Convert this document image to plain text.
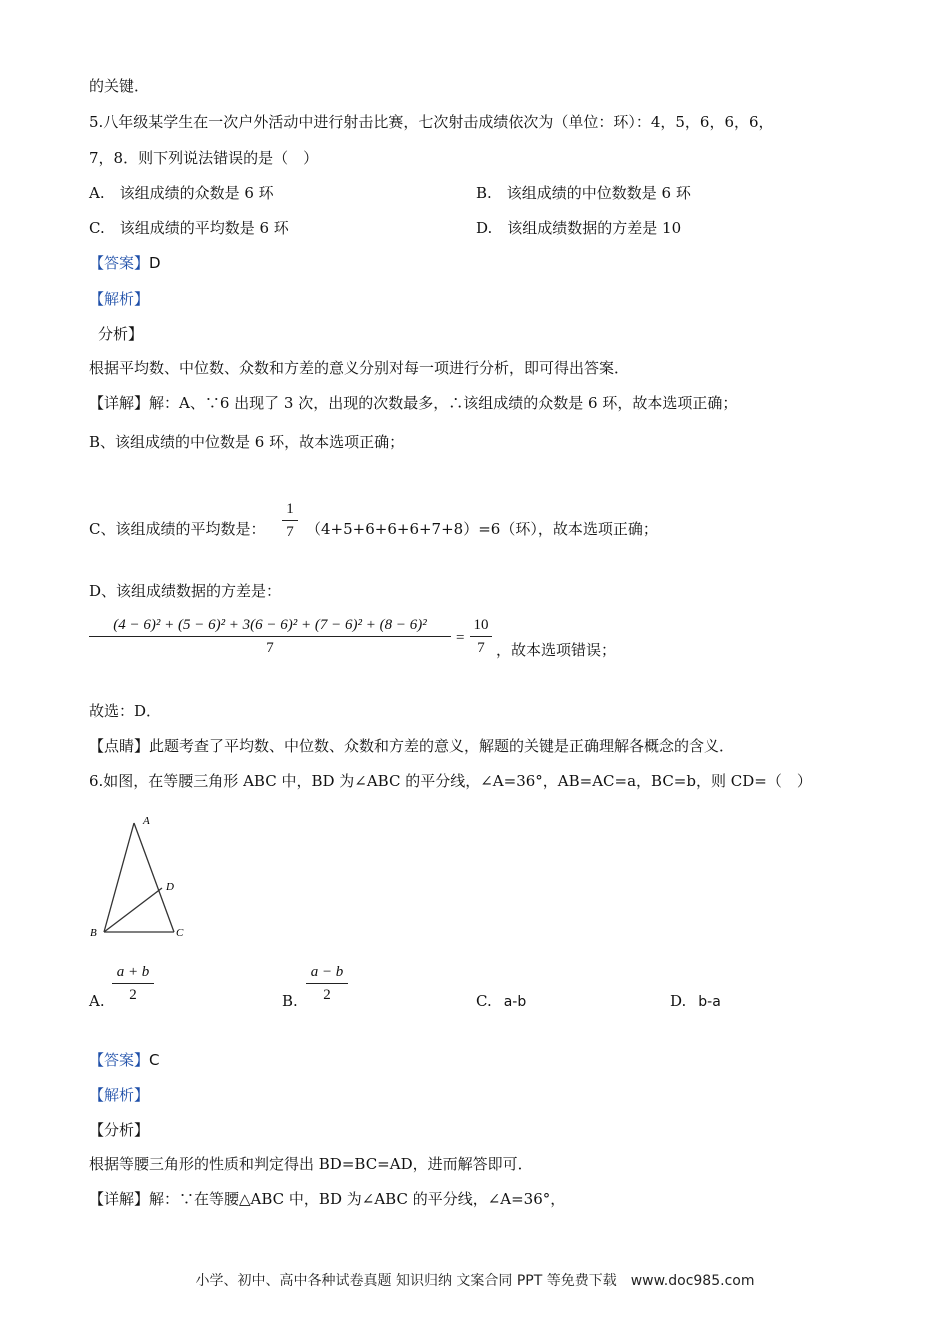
的关键．
5.八年级某学生在一次户外活动中进行射击比赛，七次射击成绩依次为（单位：环）：4，5，6，6，6，
7，8．则下列说法错误的是（　）
A.　该组成绩的众数是 6 环	B.　该组成绩的中位数数是 6 环
C.　该组成绩的平均数是 6 环	D.　该组成绩数据的方差是 10
【答案】D
【解析】
分析】
根据平均数、中位数、众数和方差的意义分别对每一项进行分析，即可得出答案．
【详解】解：A、∵6 出现了 3 次，出现的次数最多，∴该组成绩的众数是 6 环，故本选项正确；
B、该组成绩的中位数是 6 环，故本选项正确；
C、该组成绩的平均数是：
1
7 （4+5+6+6+6+7+8）=6（环），故本选项正确；
D、该组成绩数据的方差是：
(4 − 6)² + (5 − 6)² + 3(6 − 6)² + (7 − 6)² + (8 − 6)²
7
=
10
7 ，故本选项错误；
故选：D．
【点睛】此题考查了平均数、中位数、众数和方差的意义，解题的关键是正确理解各概念的含义．
6.如图，在等腰三角形 ABC 中，BD 为∠ABC 的平分线，∠A=36°，AB=AC=a，BC=b，则 CD=（　）
A
D
B	C
A.
a + b
2	B.
a − b
2	C. a-b	D. b-a
【答案】C
【解析】
【分析】
根据等腰三角形的性质和判定得出 BD=BC=AD，进而解答即可．
【详解】解：∵在等腰△ABC 中，BD 为∠ABC 的平分线，∠A=36°，
小学、初中、高中各种试卷真题 知识归纳 文案合同 PPT 等免费下载　www.doc985.com
